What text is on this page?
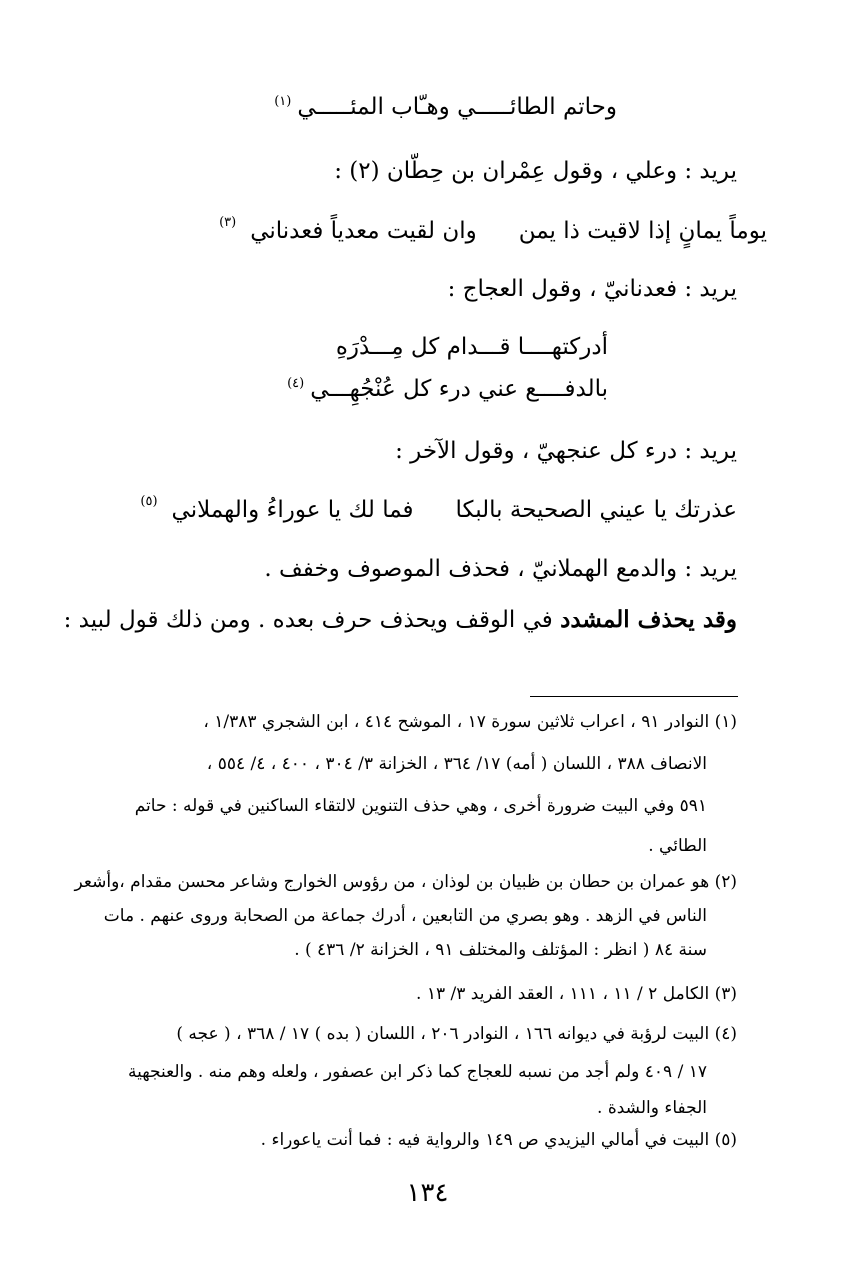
وحاتم الطائـــــي وهـّاب المئـــــي$^{(١)}$
يريد : وعلي ، وقول عِمْران بن حِطّان (٢) :
يوماً يمانٍ إذا لاقيت ذا يمن
وان لقيت معدياً فعدناني
(٣)
يريد : فعدنانيّ ، وقول العجاج :
أدركتهــــا قـــدام كل مِـــدْرَهِ
بالدفــــع عني درء كل عُنْجُهِـــي$^{(٤)}$
يريد : درء كل عنجهيّ ، وقول الآخر :
عذرتك يا عيني الصحيحة بالبكا
فما لك يا عوراءُ والهملاني
(٥)
يريد : والدمع الهملانيّ ، فحذف الموصوف وخفف .
وقد يحذف المشدد في الوقف ويحذف حرف بعده . ومن ذلك قول لبيد :
(١) النوادر ٩١ ، اعراب ثلاثين سورة ١٧ ، الموشح ٤١٤ ، ابن الشجري ١/٣٨٣ ،
الانصاف ٣٨٨ ، اللسان ( أمه) ١٧/ ٣٦٤ ، الخزانة ٣/ ٣٠٤ ، ٤٠٠ ، ٤/ ٥٥٤ ،
٥٩١ وفي البيت ضرورة أخرى ، وهي حذف التنوين لالتقاء الساكنين في قوله : حاتم
الطائي .
(٢) هو عمران بن حطان بن ظبيان بن لوذان ، من رؤوس الخوارج وشاعر محسن مقدام ،وأشعر
الناس في الزهد . وهو بصري من التابعين ، أدرك جماعة من الصحابة وروى عنهم . مات
سنة ٨٤ ( انظر : المؤتلف والمختلف ٩١ ، الخزانة ٢/ ٤٣٦ ) .
(٣) الكامل ٢ / ١١ ، ١١١ ، العقد الفريد ٣/ ١٣ .
(٤) البيت لرؤبة في ديوانه ١٦٦ ، النوادر ٢٠٦ ، اللسان ( بده ) ١٧ / ٣٦٨ ، ( عجه )
١٧ / ٤٠٩ ولم أجد من نسبه للعجاج كما ذكر ابن عصفور ، ولعله وهم منه . والعنجهية
الجفاء والشدة .
(٥) البيت في أمالي اليزيدي ص ١٤٩ والرواية فيه : فما أنت ياعوراء .
١٣٤
